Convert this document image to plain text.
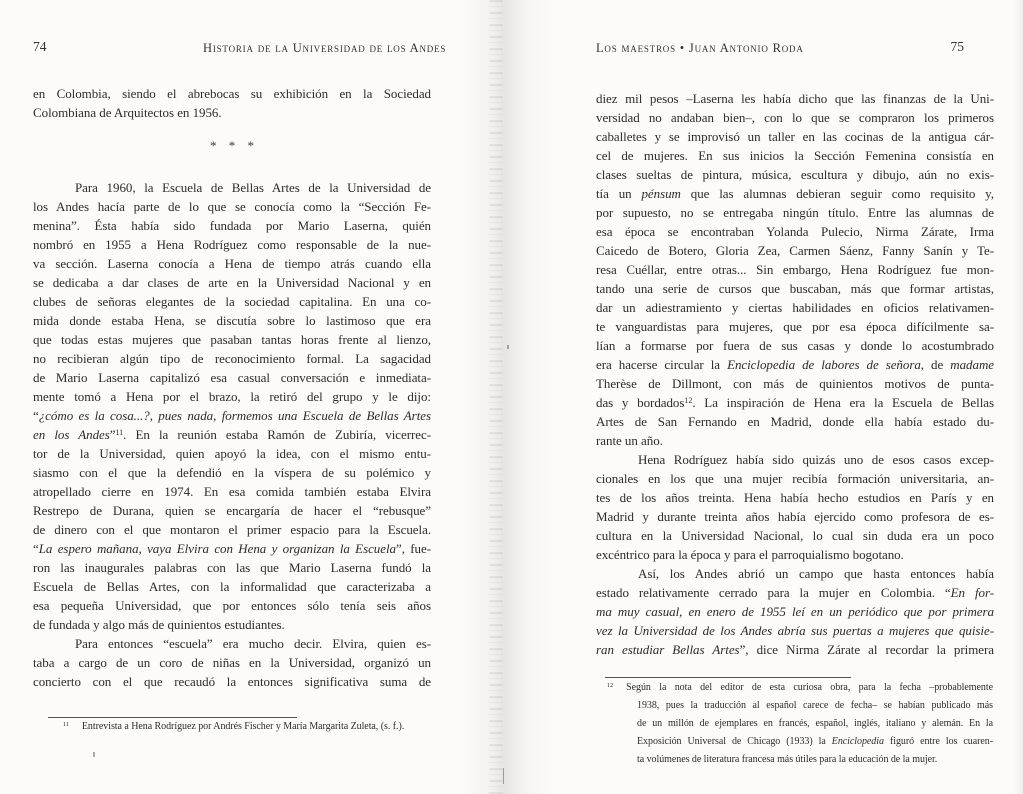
74	Historia de la Universidad de los Andes
en Colombia, siendo el abrebocas su exhibición en la Sociedad
Colombiana de Arquitectos en 1956.
* * *
Para 1960, la Escuela de Bellas Artes de la Universidad de
los Andes hacía parte de lo que se conocía como la “Sección Fe-
menina”. Ésta había sido fundada por Mario Laserna, quién
nombró en 1955 a Hena Rodríguez como responsable de la nue-
va sección. Laserna conocía a Hena de tiempo atrás cuando ella
se dedicaba a dar clases de arte en la Universidad Nacional y en
clubes de señoras elegantes de la sociedad capitalina. En una co-
mida donde estaba Hena, se discutía sobre lo lastimoso que era
que todas estas mujeres que pasaban tantas horas frente al lienzo,
no recibieran algún tipo de reconocimiento formal. La sagacidad
de Mario Laserna capitalizó esa casual conversación e inmediata-
mente tomó a Hena por el brazo, la retiró del grupo y le dijo:
“¿cómo es la cosa...?, pues nada, formemos una Escuela de Bellas Artes
en los Andes”$^{11}$. En la reunión estaba Ramón de Zubiría, vicerrec-
tor de la Universidad, quien apoyó la idea, con el mismo entu-
siasmo con el que la defendió en la víspera de su polémico y
atropellado cierre en 1974. En esa comida también estaba Elvira
Restrepo de Durana, quien se encargaría de hacer el “rebusque”
de dinero con el que montaron el primer espacio para la Escuela.
“La espero mañana, vaya Elvira con Hena y organizan la Escuela”, fue-
ron las inaugurales palabras con las que Mario Laserna fundó la
Escuela de Bellas Artes, con la informalidad que caracterizaba a
esa pequeña Universidad, que por entonces sólo tenía seis años
de fundada y algo más de quinientos estudiantes.
Para entonces “escuela” era mucho decir. Elvira, quien es-
taba a cargo de un coro de niñas en la Universidad, organizó un
concierto con el que recaudó la entonces significativa suma de
$^{11}$ Entrevista a Hena Rodríguez por Andrés Fischer y María Margarita Zuleta, (s. f.).
Los maestros • Juan Antonio Roda	75
diez mil pesos –Laserna les había dicho que las finanzas de la Uni-
versidad no andaban bien–, con lo que se compraron los primeros
caballetes y se improvisó un taller en las cocinas de la antigua cár-
cel de mujeres. En sus inicios la Sección Femenina consistía en
clases sueltas de pintura, música, escultura y dibujo, aún no exis-
tía un pénsum que las alumnas debieran seguir como requisito y,
por supuesto, no se entregaba ningún título. Entre las alumnas de
esa época se encontraban Yolanda Pulecio, Nirma Zárate, Irma
Caicedo de Botero, Gloria Zea, Carmen Sáenz, Fanny Sanín y Te-
resa Cuéllar, entre otras... Sin embargo, Hena Rodríguez fue mon-
tando una serie de cursos que buscaban, más que formar artistas,
dar un adiestramiento y ciertas habilidades en oficios relativamen-
te vanguardistas para mujeres, que por esa época difícilmente sa-
lían a formarse por fuera de sus casas y donde lo acostumbrado
era hacerse circular la Enciclopedia de labores de señora, de madame
Therèse de Dillmont, con más de quinientos motivos de punta-
das y bordados$^{12}$. La inspiración de Hena era la Escuela de Bellas
Artes de San Fernando en Madrid, donde ella había estado du-
rante un año.
Hena Rodríguez había sido quizás uno de esos casos excep-
cionales en los que una mujer recibía formación universitaria, an-
tes de los años treinta. Hena había hecho estudios en París y en
Madrid y durante treinta años había ejercido como profesora de es-
cultura en la Universidad Nacional, lo cual sin duda era un poco
excéntrico para la época y para el parroquialismo bogotano.
Así, los Andes abrió un campo que hasta entonces había
estado relativamente cerrado para la mujer en Colombia. “En for-
ma muy casual, en enero de 1955 leí en un periódico que por primera
vez la Universidad de los Andes abría sus puertas a mujeres que quisie-
ran estudiar Bellas Artes”, dice Nirma Zárate al recordar la primera
$^{12}$ Según la nota del editor de esta curiosa obra, para la fecha –probablemente
1938, pues la traducción al español carece de fecha– se habían publicado más
de un millón de ejemplares en francés, español, inglés, italiano y alemán. En la
Exposición Universal de Chicago (1933) la Enciclopedia figuró entre los cuaren-
ta volúmenes de literatura francesa más útiles para la educación de la mujer.
